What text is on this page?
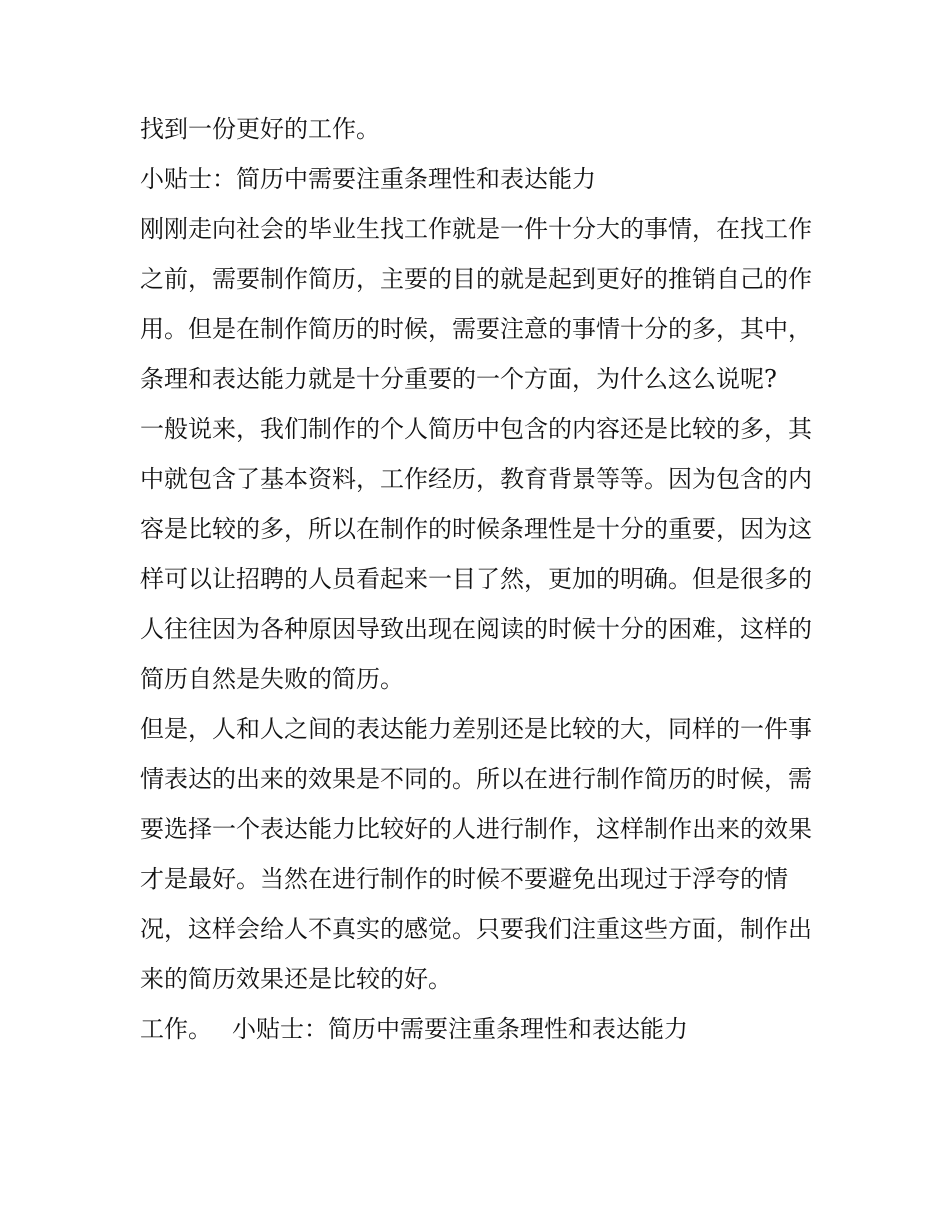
找到一份更好的工作。

小贴士：简历中需要注重条理性和表达能力

刚刚走向社会的毕业生找工作就是一件十分大的事情，在找工作之前，需要制作简历，主要的目的就是起到更好的推销自己的作用。但是在制作简历的时候，需要注意的事情十分的多，其中，条理和表达能力就是十分重要的一个方面，为什么这么说呢?

一般说来，我们制作的个人简历中包含的内容还是比较的多，其中就包含了基本资料，工作经历，教育背景等等。因为包含的内容是比较的多，所以在制作的时候条理性是十分的重要，因为这样可以让招聘的人员看起来一目了然，更加的明确。但是很多的人往往因为各种原因导致出现在阅读的时候十分的困难，这样的简历自然是失败的简历。

但是，人和人之间的表达能力差别还是比较的大，同样的一件事情表达的出来的效果是不同的。所以在进行制作简历的时候，需要选择一个表达能力比较好的人进行制作，这样制作出来的效果才是最好。当然在进行制作的时候不要避免出现过于浮夸的情况，这样会给人不真实的感觉。只要我们注重这些方面，制作出来的简历效果还是比较的好。

工作。 小贴士：简历中需要注重条理性和表达能力
